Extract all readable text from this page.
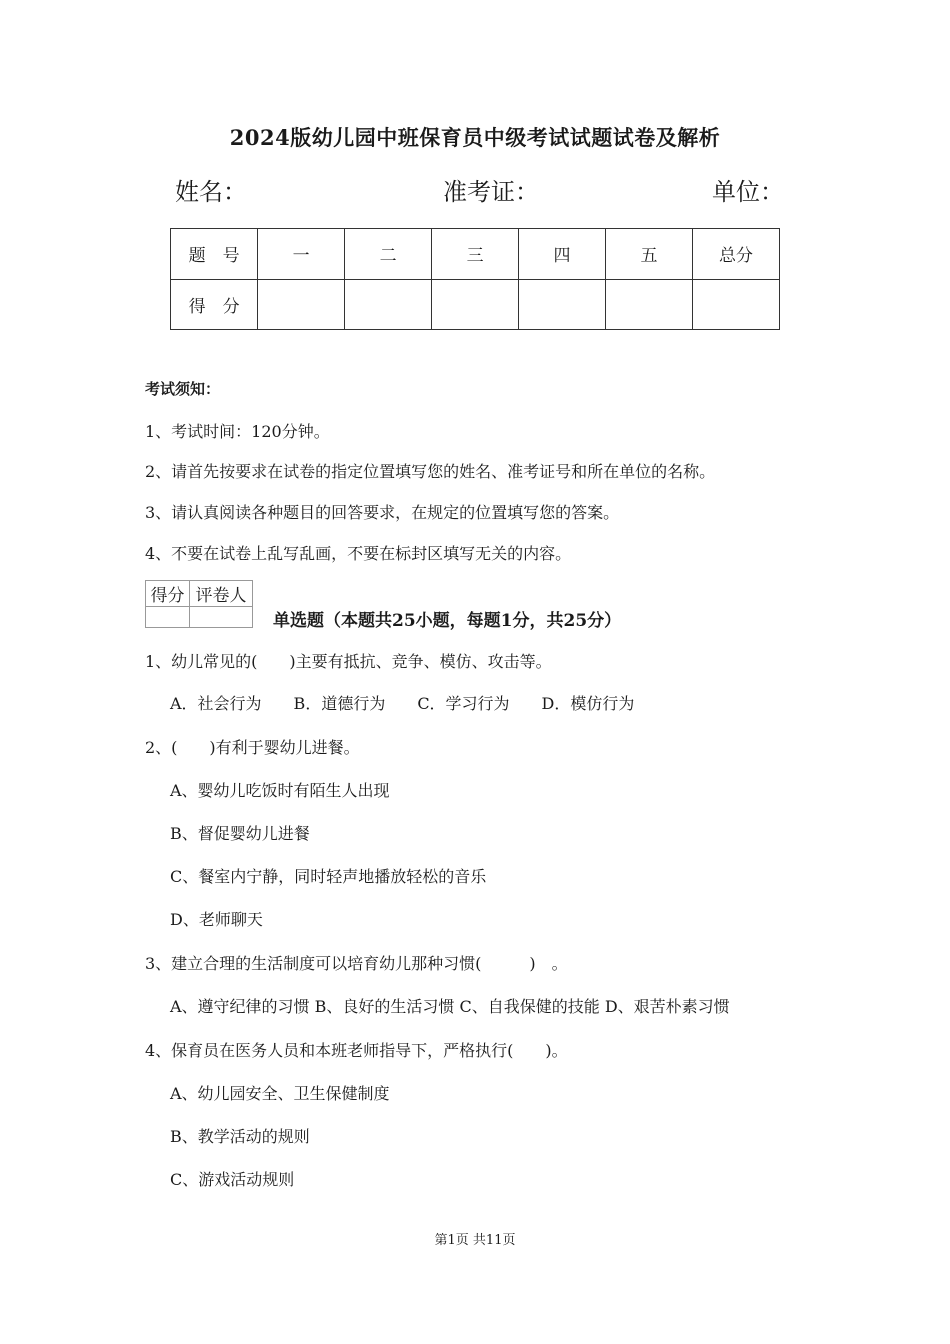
2024版幼儿园中班保育员中级考试试题试卷及解析
姓名：	准考证：	单位：
题　号	一	二	三	四	五	总分
得　分						
考试须知：
1、考试时间：120分钟。
2、请首先按要求在试卷的指定位置填写您的姓名、准考证号和所在单位的名称。
3、请认真阅读各种题目的回答要求，在规定的位置填写您的答案。
4、不要在试卷上乱写乱画，不要在标封区填写无关的内容。
得分	评卷人

单选题（本题共25小题，每题1分，共25分）
1、幼儿常见的(　　)主要有抵抗、竞争、模仿、攻击等。
A．社会行为　　B．道德行为　　C．学习行为　　D．模仿行为
2、(　　)有利于婴幼儿进餐。
A、婴幼儿吃饭时有陌生人出现
B、督促婴幼儿进餐
C、餐室内宁静，同时轻声地播放轻松的音乐
D、老师聊天
3、建立合理的生活制度可以培育幼儿那种习惯(　　　)　。
A、遵守纪律的习惯 B、良好的生活习惯 C、自我保健的技能 D、艰苦朴素习惯
4、保育员在医务人员和本班老师指导下，严格执行(　　)。
A、幼儿园安全、卫生保健制度
B、教学活动的规则
C、游戏活动规则
第1页 共11页
